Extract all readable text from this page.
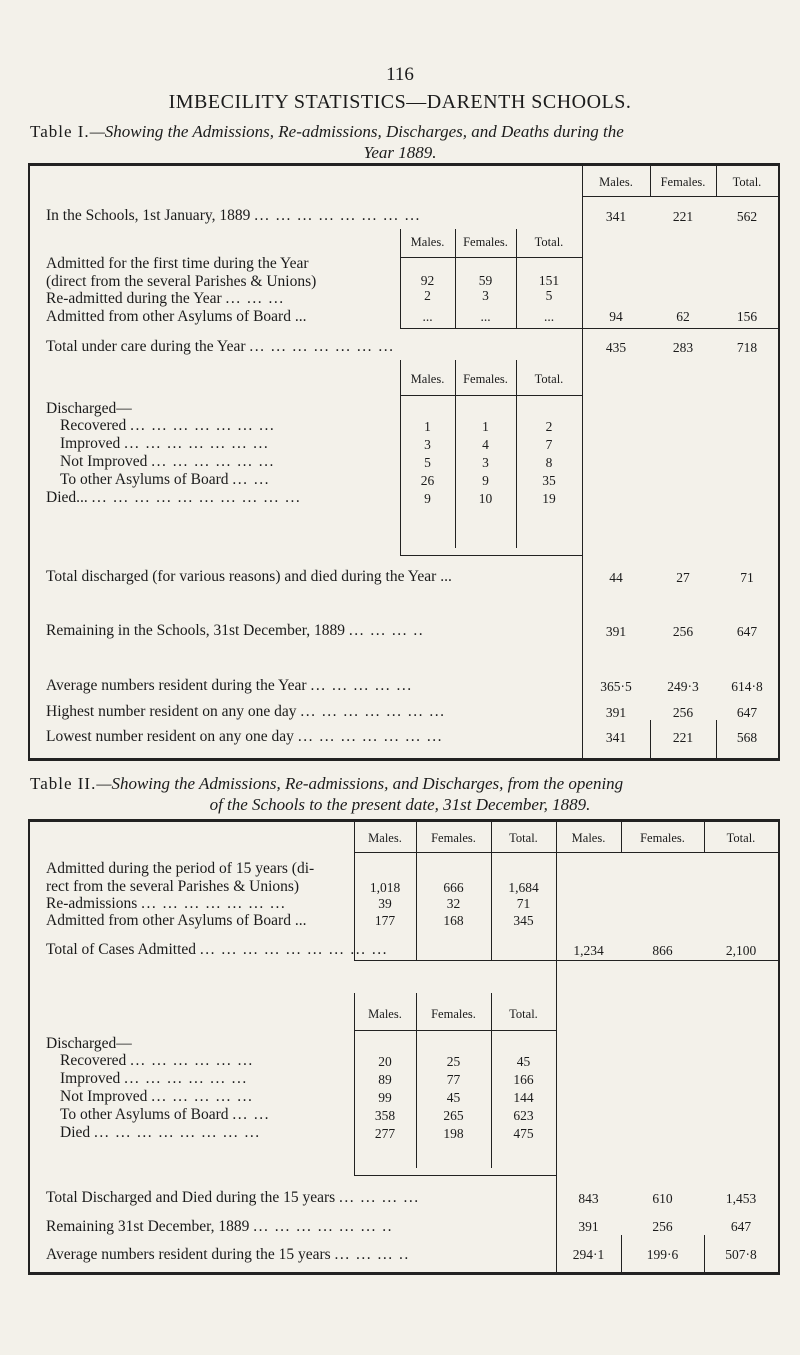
116
IMBECILITY STATISTICS—DARENTH SCHOOLS.
Table I.—Showing the Admissions, Re-admissions, Discharges, and Deaths during the
Year 1889.
Males.	Females.	Total.
In the Schools, 1st January, 1889 ... ... ... ... ... ... ... ...	341	221	562
Males.	Females.	Total.
Admitted for the first time during the Year
(direct from the several Parishes & Unions)	92	59	151
Re-admitted during the Year ... ... ...	2	3	5
Admitted from other Asylums of Board ...	...	...	...	94	62	156
Total under care during the Year ... ... ... ... ... ... ...	435	283	718
Males.	Females.	Total.
Discharged—
Recovered ... ... ... ... ... ... ...	1	1	2
Improved ... ... ... ... ... ... ...	3	4	7
Not Improved ... ... ... ... ... ...	5	3	8
To other Asylums of Board ... ...	26	9	35
Died... ... ... ... ... ... ... ... ... ... ...	9	10	19
Total discharged (for various reasons) and died during the Year ...	44	27	71
Remaining in the Schools, 31st December, 1889 ... ... ... ..	391	256	647
Average numbers resident during the Year ... ... ... ... ...	365·5	249·3	614·8
Highest number resident on any one day ... ... ... ... ... ... ...	391	256	647
Lowest number resident on any one day ... ... ... ... ... ... ...	341	221	568
Table II.—Showing the Admissions, Re-admissions, and Discharges, from the opening
of the Schools to the present date, 31st December, 1889.
Males.	Females.	Total.	Males.	Females.	Total.
Admitted during the period of 15 years (di-
rect from the several Parishes & Unions)	1,018	666	1,684
Re-admissions ... ... ... ... ... ... ...	39	32	71
Admitted from other Asylums of Board ...	177	168	345
Total of Cases Admitted ... ... ... ... ... ... ... ... ...	1,234	866	2,100
Males.	Females.	Total.
Discharged—
Recovered ... ... ... ... ... ...	20	25	45
Improved ... ... ... ... ... ...	89	77	166
Not Improved ... ... ... ... ...	99	45	144
To other Asylums of Board ... ...	358	265	623
Died ... ... ... ... ... ... ... ...	277	198	475
Total Discharged and Died during the 15 years ... ... ... ...	843	610	1,453
Remaining 31st December, 1889 ... ... ... ... ... ... ..	391	256	647
Average numbers resident during the 15 years ... ... ... ..	294·1	199·6	507·8
